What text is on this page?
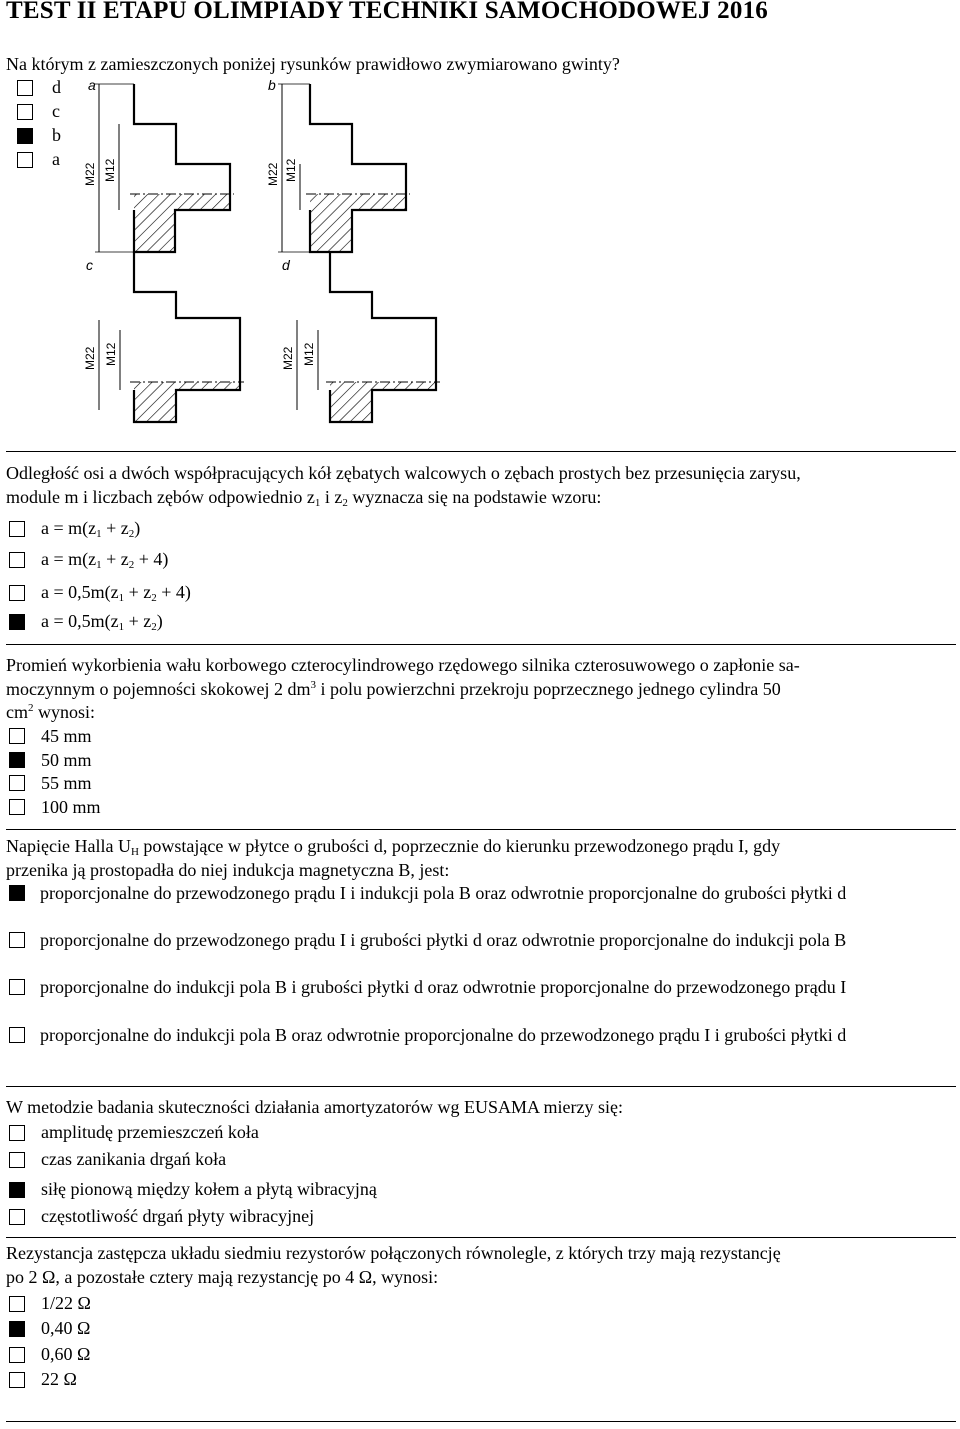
TEST II ETAPU OLIMPIADY TECHNIKI SAMOCHODOWEJ 2016
Na którym z zamieszczonych poniżej rysunków prawidłowo zwymiarowano gwinty?
d
c
b
a
a
M22 M12
b
M22 M12
c
M22 M12
d
M22 M12
Odległość osi a dwóch współpracujących kół zębatych walcowych o zębach prostych bez przesunięcia zarysu,
module m i liczbach zębów odpowiednio $z_1$ i $z_2$ wyznacza się na podstawie wzoru:
$a = m(z_1 + z_2)$
$a = m(z_1 + z_2 + 4)$
$a = 0,5m(z_1 + z_2 + 4)$
$a = 0,5m(z_1 + z_2)$
Promień wykorbienia wału korbowego czterocylindrowego rzędowego silnika czterosuwowego o zapłonie sa-
moczynnym o pojemności skokowej 2 $dm^3$ i polu powierzchni przekroju poprzecznego jednego cylindra 50
$cm^2$ wynosi:
45 mm
50 mm
55 mm
100 mm
Napięcie Halla $U_H$ powstające w płytce o grubości d, poprzecznie do kierunku przewodzonego prądu I, gdy
przenika ją prostopadła do niej indukcja magnetyczna B, jest:
proporcjonalne do przewodzonego prądu I i indukcji pola B oraz odwrotnie proporcjonalne do grubości płytki d
proporcjonalne do przewodzonego prądu I i grubości płytki d oraz odwrotnie proporcjonalne do indukcji pola B
proporcjonalne do indukcji pola B i grubości płytki d oraz odwrotnie proporcjonalne do przewodzonego prądu I
proporcjonalne do indukcji pola B oraz odwrotnie proporcjonalne do przewodzonego prądu I i grubości płytki d
W metodzie badania skuteczności działania amortyzatorów wg EUSAMA mierzy się:
amplitudę przemieszczeń koła
czas zanikania drgań koła
siłę pionową między kołem a płytą wibracyjną
częstotliwość drgań płyty wibracyjnej
Rezystancja zastępcza układu siedmiu rezystorów połączonych równolegle, z których trzy mają rezystancję
po 2 Ω, a pozostałe cztery mają rezystancję po 4 Ω, wynosi:
1/22 Ω
0,40 Ω
0,60 Ω
22 Ω
